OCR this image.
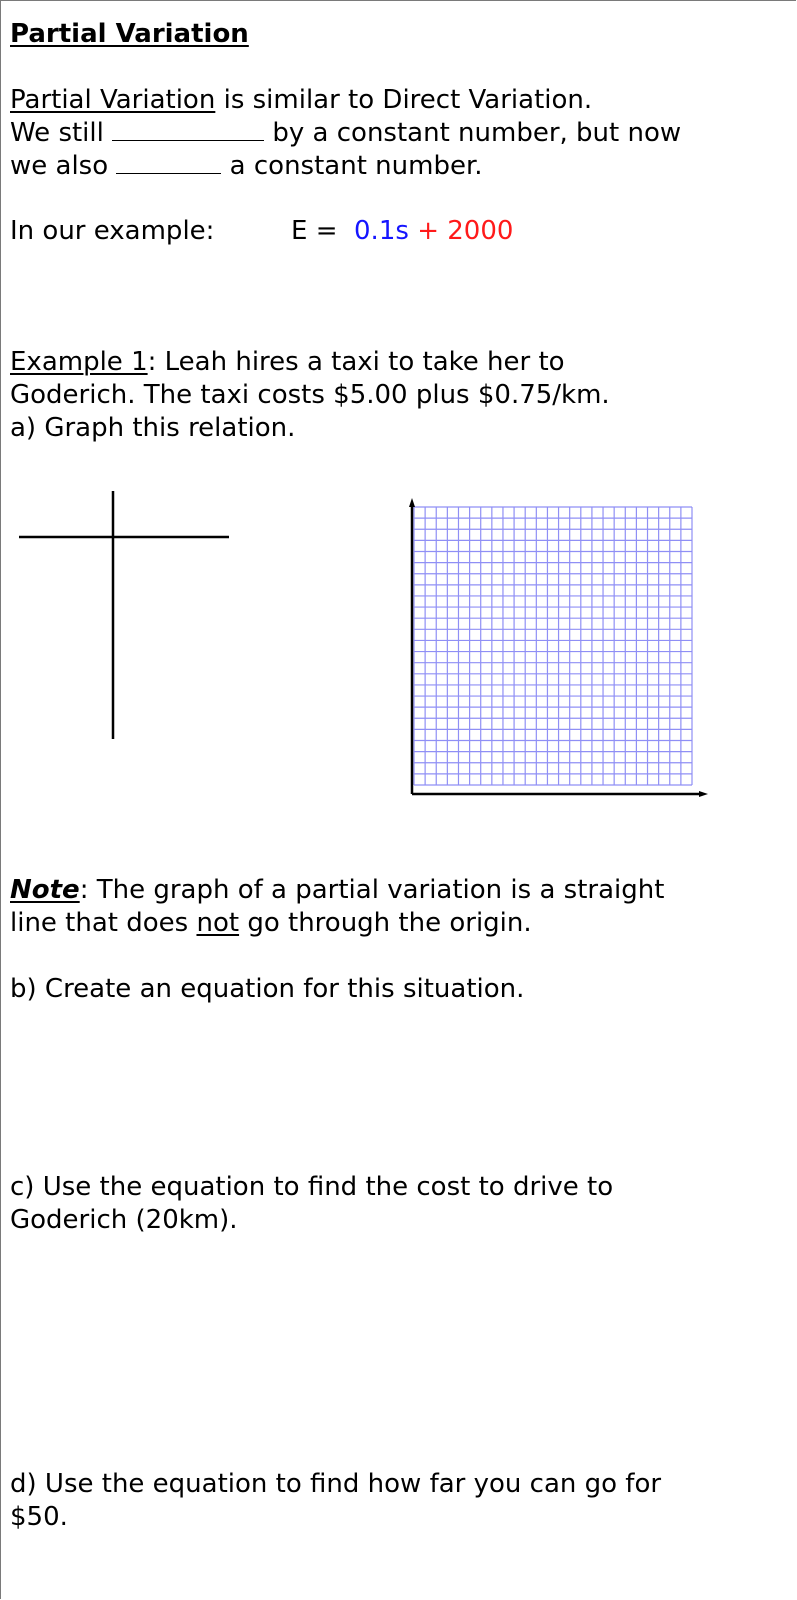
Partial Variation
Partial Variation is similar to Direct Variation.
We still	by a constant number, but now
we also	a constant number.
In our example:	E = 0.1s + 2000
Example 1: Leah hires a taxi to take her to
Goderich. The taxi costs $5.00 plus $0.75/km.
a) Graph this relation.
Note: The graph of a partial variation is a straight
line that does not go through the origin.
b) Create an equation for this situation.
c) Use the equation to find the cost to drive to
Goderich (20km).
d) Use the equation to find how far you can go for
$50.
